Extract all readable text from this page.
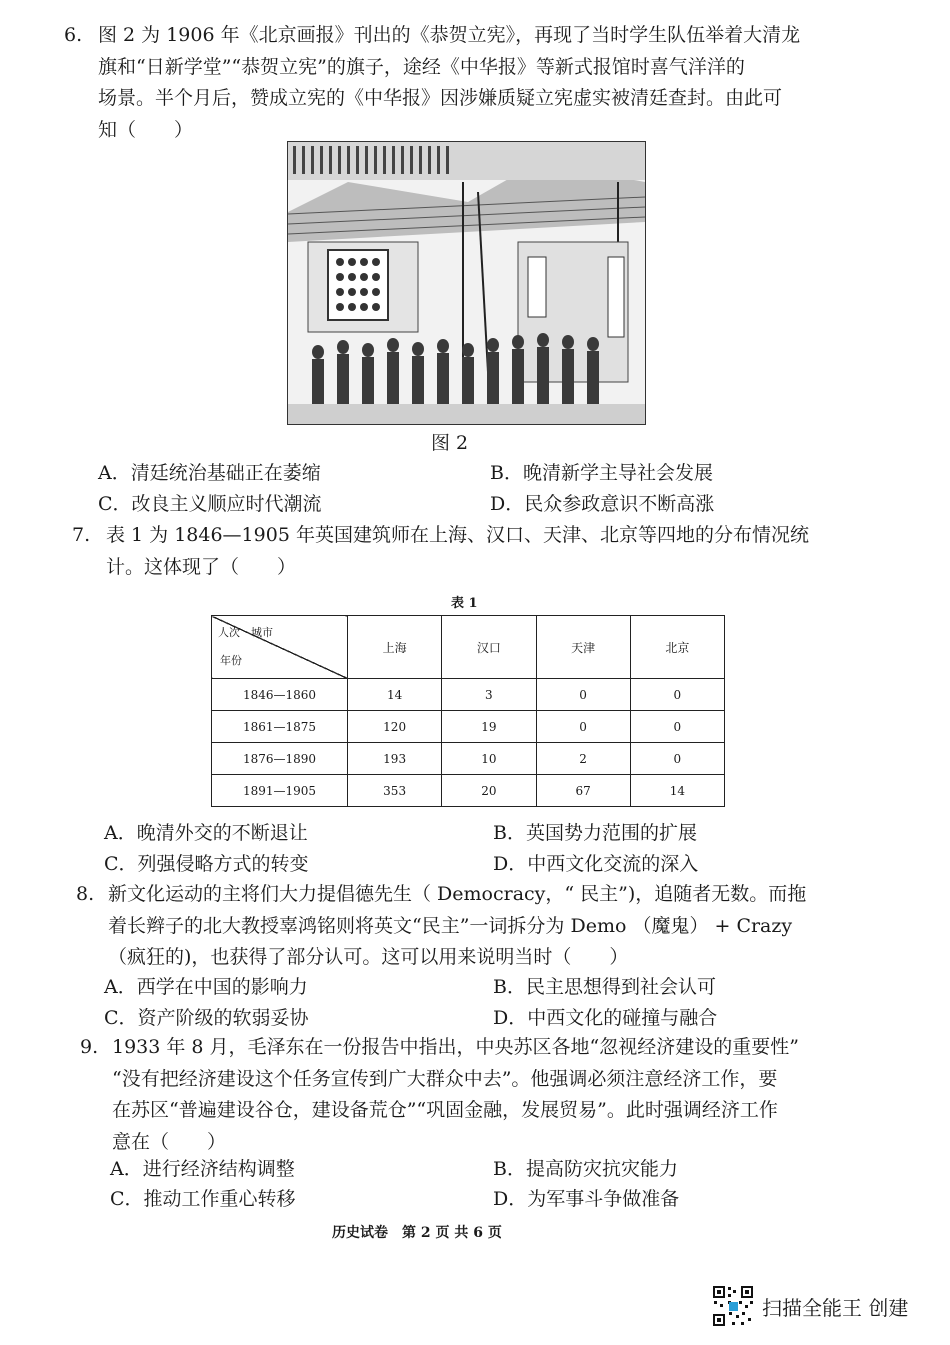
6. 图 2 为 1906 年《北京画报》刊出的《恭贺立宪》，再现了当时学生队伍举着大清龙
旗和“日新学堂”“恭贺立宪”的旗子，途经《中华报》等新式报馆时喜气洋洋的
场景。半个月后，赞成立宪的《中华报》因涉嫌质疑立宪虚实被清廷查封。由此可
知（　　）
图 2
A．清廷统治基础正在萎缩	B．晚清新学主导社会发展
C．改良主义顺应时代潮流	D．民众参政意识不断高涨
7. 表 1 为 1846—1905 年英国建筑师在上海、汉口、天津、北京等四地的分布情况统
计。这体现了（　　）
表 1
人次　城市
年份	上海	汉口	天津	北京
1846—1860	14	3	0	0
1861—1875	120	19	0	0
1876—1890	193	10	2	0
1891—1905	353	20	67	14
A．晚清外交的不断退让	B．英国势力范围的扩展
C．列强侵略方式的转变	D．中西文化交流的深入
8. 新文化运动的主将们大力提倡德先生（ Democracy，“ 民主”)，追随者无数。而拖
着长辫子的北大教授辜鸿铭则将英文“民主”一词拆分为 Demo （魔鬼） + Crazy
（疯狂的)，也获得了部分认可。这可以用来说明当时（　　）
A．西学在中国的影响力	B．民主思想得到社会认可
C．资产阶级的软弱妥协	D．中西文化的碰撞与融合
9. 1933 年 8 月，毛泽东在一份报告中指出，中央苏区各地“忽视经济建设的重要性”
“没有把经济建设这个任务宣传到广大群众中去”。他强调必须注意经济工作，要
在苏区“普遍建设谷仓，建设备荒仓”“巩固金融，发展贸易”。此时强调经济工作
意在（　　）
A．进行经济结构调整	B．提高防灾抗灾能力
C．推动工作重心转移	D．为军事斗争做准备
历史试卷　第 2 页 共 6 页
扫描全能王 创建
